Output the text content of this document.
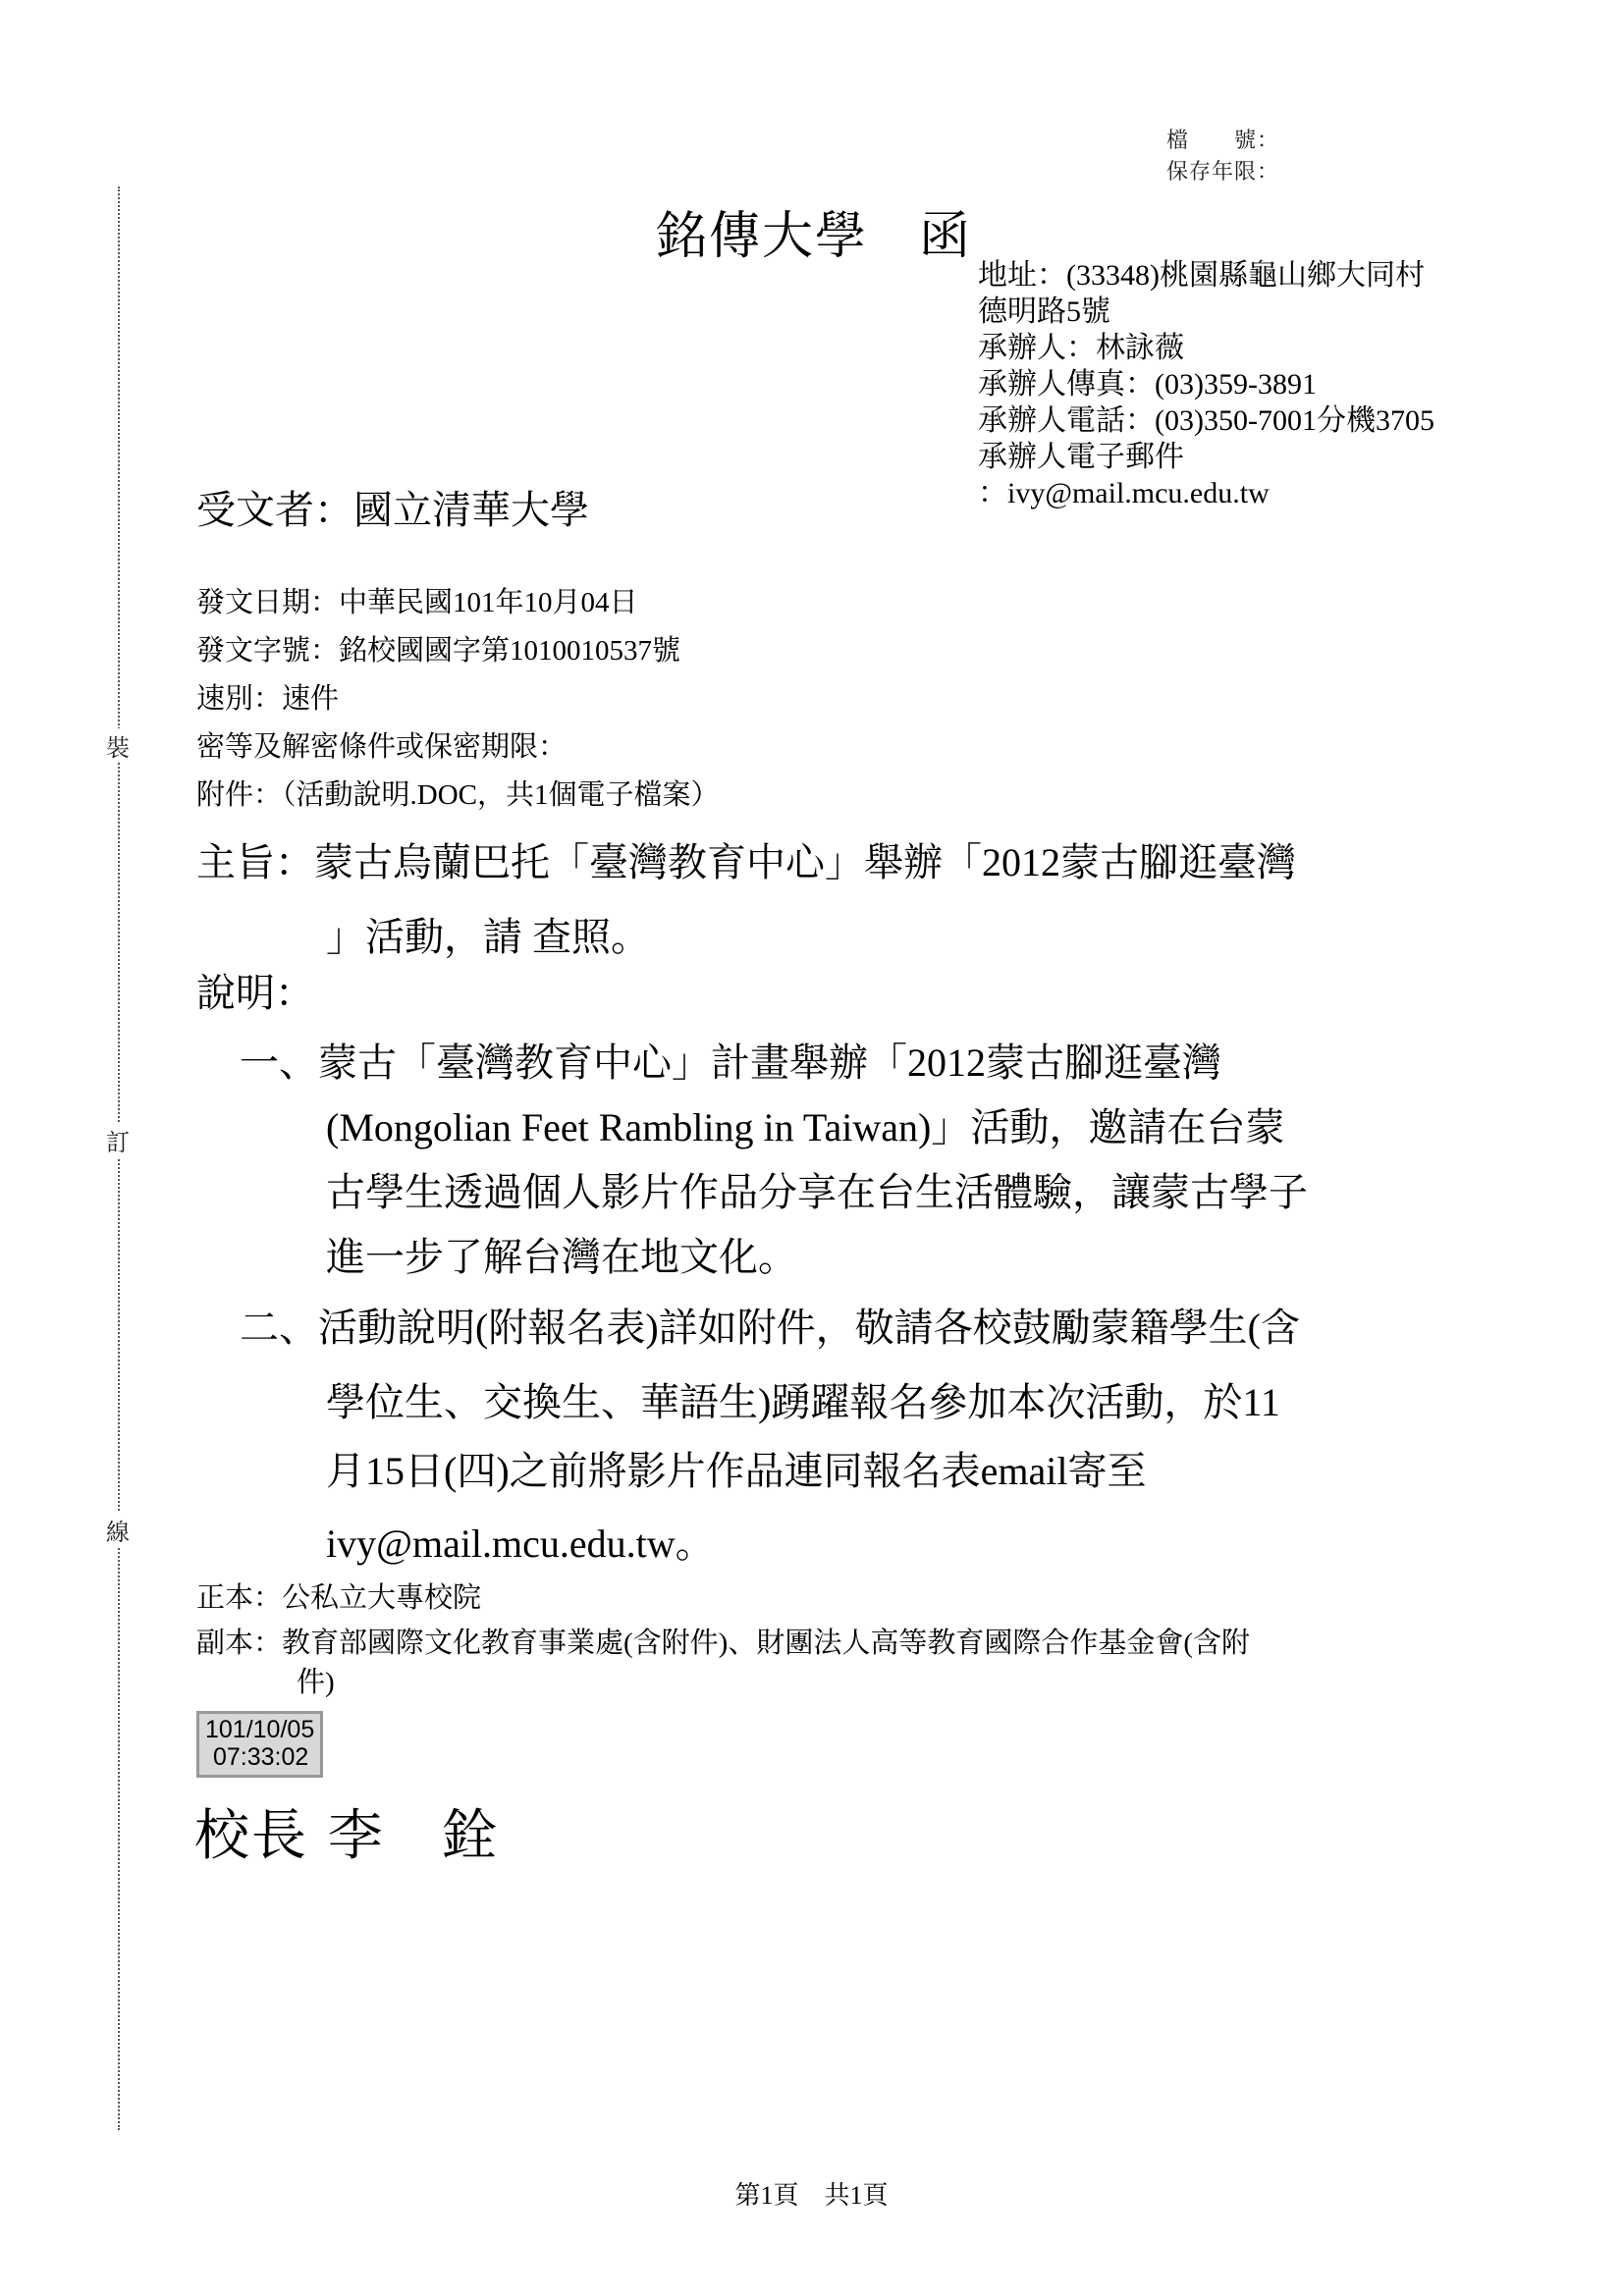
檔　　號：
保存年限：
裝
訂
線
銘傳大學 函
地址：(33348)桃園縣龜山鄉大同村德明路5號
承辦人：林詠薇
承辦人傳真：(03)359-3891
承辦人電話：(03)350-7001分機3705
承辦人電子郵件
：ivy@mail.mcu.edu.tw
受文者：國立清華大學
發文日期：中華民國101年10月04日
發文字號：銘校國國字第1010010537號
速別：速件
密等及解密條件或保密期限：
附件：（活動說明.DOC，共1個電子檔案）
主旨：蒙古烏蘭巴托「臺灣教育中心」舉辦「2012蒙古腳逛臺灣
」活動，請 查照。
說明：
一、蒙古「臺灣教育中心」計畫舉辦「2012蒙古腳逛臺灣
(Mongolian Feet Rambling in Taiwan)」活動，邀請在台蒙
古學生透過個人影片作品分享在台生活體驗，讓蒙古學子
進一步了解台灣在地文化。
二、活動說明(附報名表)詳如附件，敬請各校鼓勵蒙籍學生(含
學位生、交換生、華語生)踴躍報名參加本次活動，於11
月15日(四)之前將影片作品連同報名表email寄至
ivy@mail.mcu.edu.tw。
正本：公私立大專校院
副本：教育部國際文化教育事業處(含附件)、財團法人高等教育國際合作基金會(含附
件)
101/10/05
07:33:02
校長 李　銓
第1頁　共1頁
